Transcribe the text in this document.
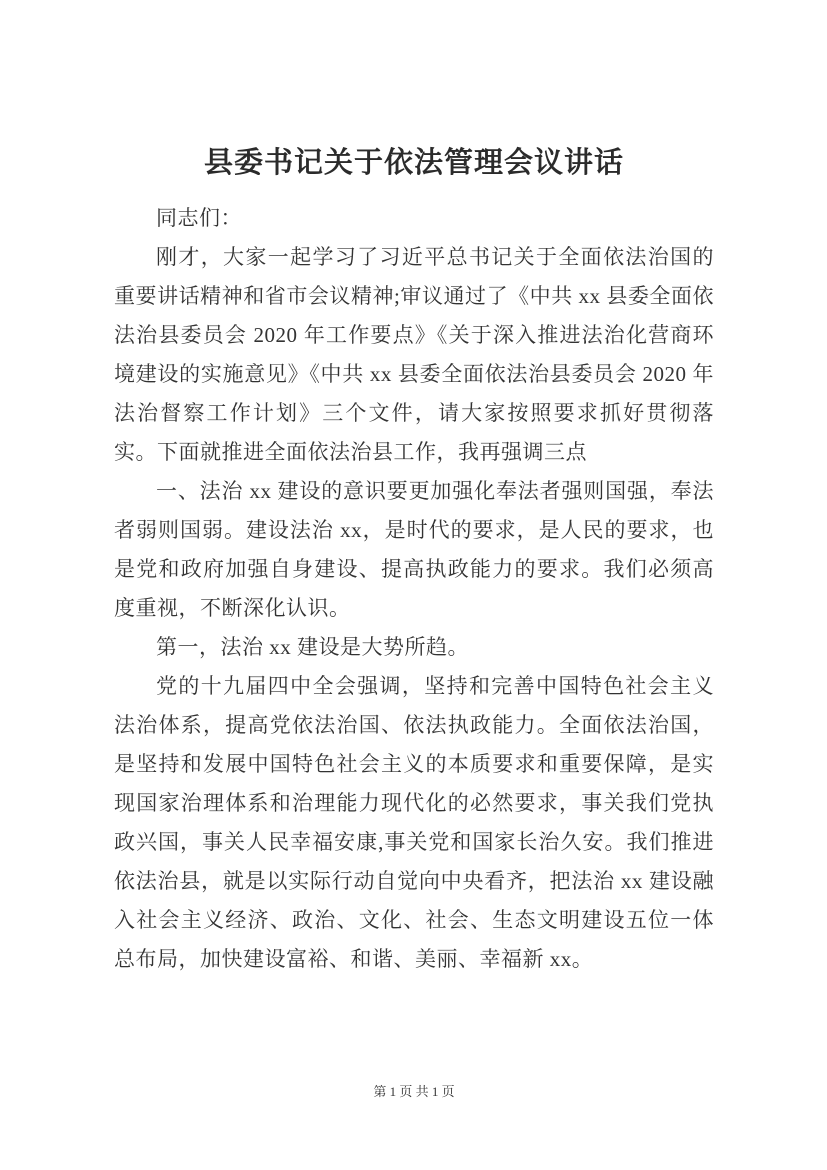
县委书记关于依法管理会议讲话

同志们：

刚才，大家一起学习了习近平总书记关于全面依法治国的重要讲话精神和省市会议精神;审议通过了《中共 xx 县委全面依法治县委员会 2020 年工作要点》《关于深入推进法治化营商环境建设的实施意见》《中共 xx 县委全面依法治县委员会 2020 年法治督察工作计划》三个文件，请大家按照要求抓好贯彻落实。下面就推进全面依法治县工作，我再强调三点

一、法治 xx 建设的意识要更加强化奉法者强则国强，奉法者弱则国弱。建设法治 xx，是时代的要求，是人民的要求，也是党和政府加强自身建设、提高执政能力的要求。我们必须高度重视，不断深化认识。

第一，法治 xx 建设是大势所趋。

党的十九届四中全会强调，坚持和完善中国特色社会主义法治体系，提高党依法治国、依法执政能力。全面依法治国，是坚持和发展中国特色社会主义的本质要求和重要保障，是实现国家治理体系和治理能力现代化的必然要求，事关我们党执政兴国，事关人民幸福安康,事关党和国家长治久安。我们推进依法治县，就是以实际行动自觉向中央看齐，把法治 xx 建设融入社会主义经济、政治、文化、社会、生态文明建设五位一体总布局，加快建设富裕、和谐、美丽、幸福新 xx。

第 1 页 共 1 页
